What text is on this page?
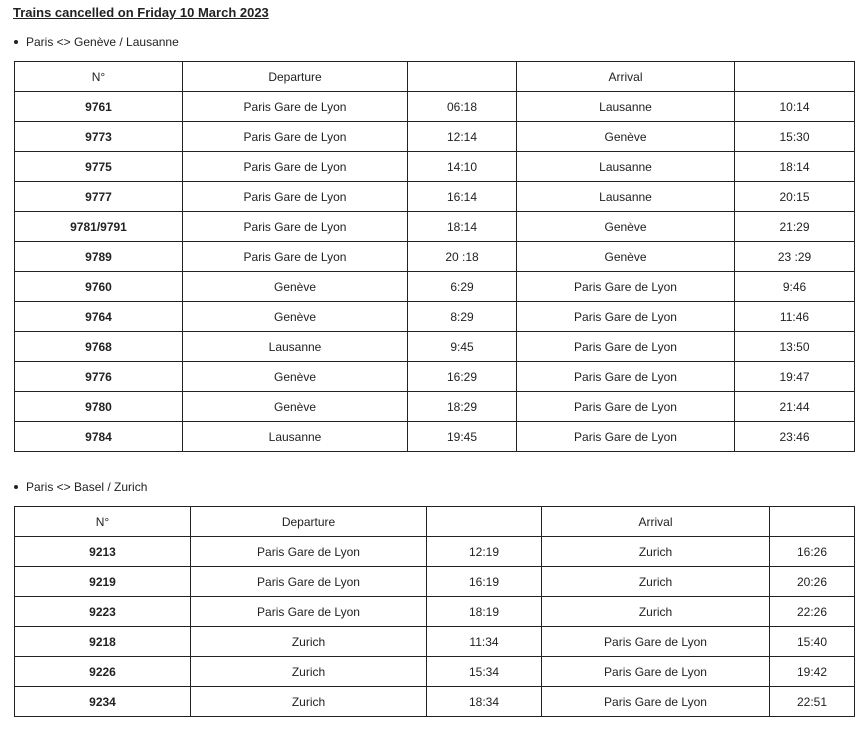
Trains cancelled on Friday 10 March 2023
Paris <> Genève / Lausanne
N°	Departure		Arrival	
9761	Paris Gare de Lyon	06:18	Lausanne	10:14
9773	Paris Gare de Lyon	12:14	Genève	15:30
9775	Paris Gare de Lyon	14:10	Lausanne	18:14
9777	Paris Gare de Lyon	16:14	Lausanne	20:15
9781/9791	Paris Gare de Lyon	18:14	Genève	21:29
9789	Paris Gare de Lyon	20 :18	Genève	23 :29
9760	Genève	6:29	Paris Gare de Lyon	9:46
9764	Genève	8:29	Paris Gare de Lyon	11:46
9768	Lausanne	9:45	Paris Gare de Lyon	13:50
9776	Genève	16:29	Paris Gare de Lyon	19:47
9780	Genève	18:29	Paris Gare de Lyon	21:44
9784	Lausanne	19:45	Paris Gare de Lyon	23:46
Paris <> Basel / Zurich
N°	Departure		Arrival	
9213	Paris Gare de Lyon	12:19	Zurich	16:26
9219	Paris Gare de Lyon	16:19	Zurich	20:26
9223	Paris Gare de Lyon	18:19	Zurich	22:26
9218	Zurich	11:34	Paris Gare de Lyon	15:40
9226	Zurich	15:34	Paris Gare de Lyon	19:42
9234	Zurich	18:34	Paris Gare de Lyon	22:51
